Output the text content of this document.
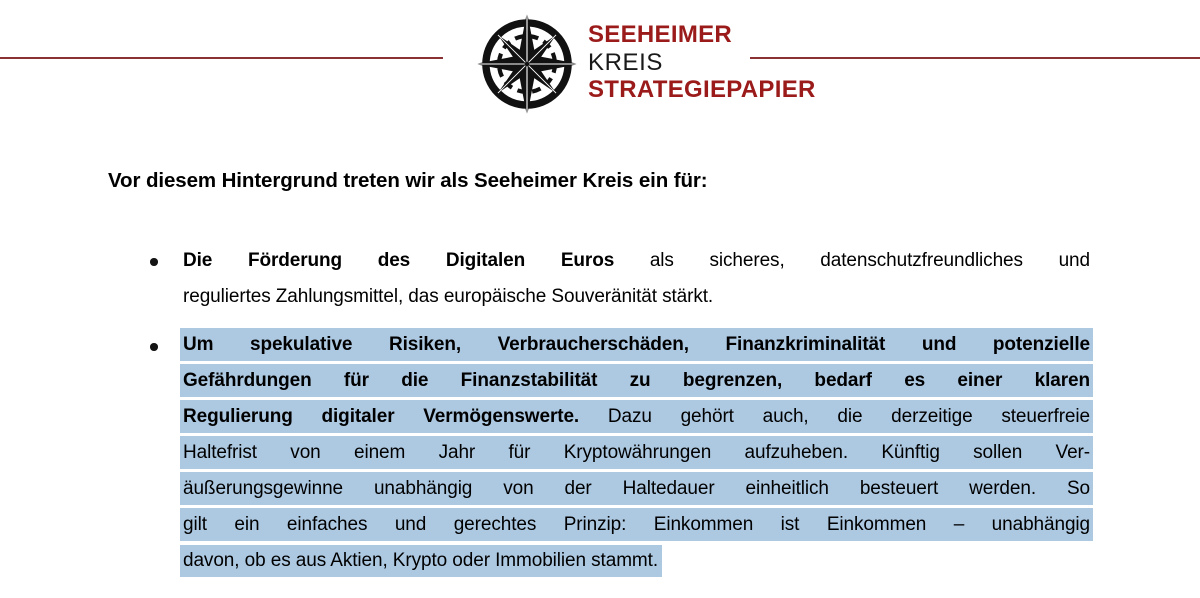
SEEHEIMER
KREIS
STRATEGIEPAPIER
Vor diesem Hintergrund treten wir als Seeheimer Kreis ein für:
Die Förderung des Digitalen Euros als sicheres, datenschutzfreundliches und
reguliertes Zahlungsmittel, das europäische Souveränität stärkt.
Um spekulative Risiken, Verbraucherschäden, Finanzkriminalität und potenzielle
Gefährdungen für die Finanzstabilität zu begrenzen, bedarf es einer klaren
Regulierung digitaler Vermögenswerte. Dazu gehört auch, die derzeitige steuerfreie
Haltefrist von einem Jahr für Kryptowährungen aufzuheben. Künftig sollen Ver-
äußerungsgewinne unabhängig von der Haltedauer einheitlich besteuert werden. So
gilt ein einfaches und gerechtes Prinzip: Einkommen ist Einkommen – unabhängig
davon, ob es aus Aktien, Krypto oder Immobilien stammt.
